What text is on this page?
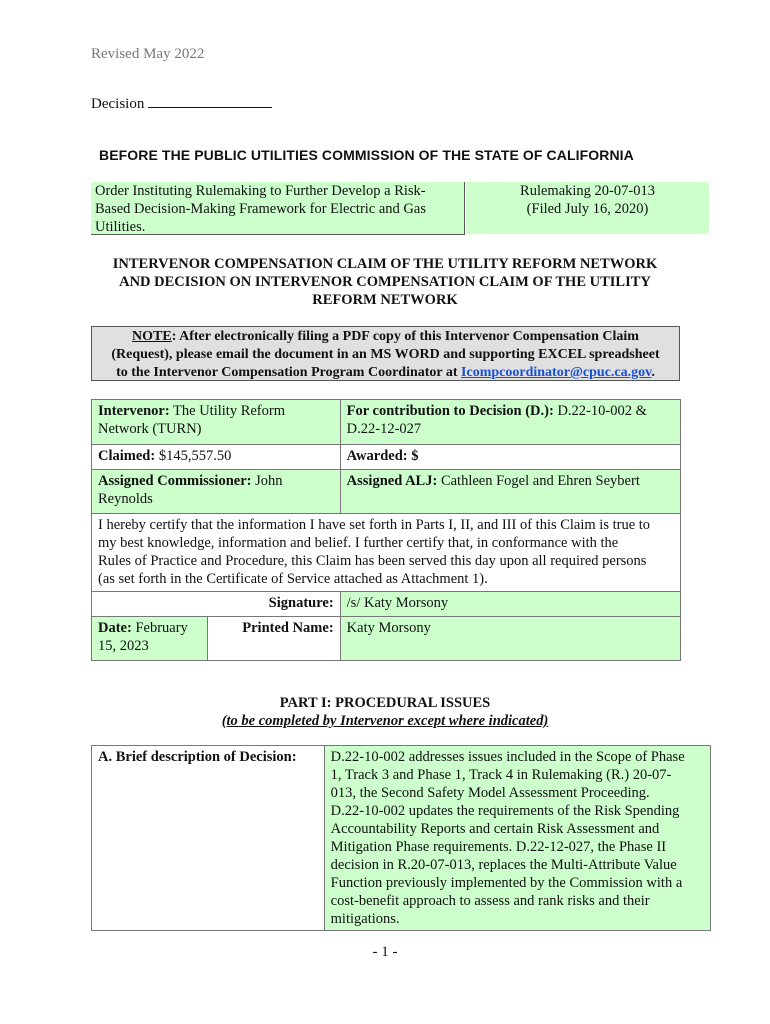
Revised May 2022
Decision
BEFORE THE PUBLIC UTILITIES COMMISSION OF THE STATE OF CALIFORNIA
Order Instituting Rulemaking to Further Develop a Risk-
Based Decision-Making Framework for Electric and Gas
Utilities.
Rulemaking 20-07-013
(Filed July 16, 2020)
INTERVENOR COMPENSATION CLAIM OF THE UTILITY REFORM NETWORK
AND DECISION ON INTERVENOR COMPENSATION CLAIM OF THE UTILITY
REFORM NETWORK
NOTE: After electronically filing a PDF copy of this Intervenor Compensation Claim
(Request), please email the document in an MS WORD and supporting EXCEL spreadsheet
to the Intervenor Compensation Program Coordinator at Icompcoordinator@cpuc.ca.gov.
Intervenor: The Utility Reform
Network (TURN)		For contribution to Decision (D.): D.22-10-002 &
D.22-12-027
Claimed: $145,557.50		Awarded: $
Assigned Commissioner: John
Reynolds		Assigned ALJ: Cathleen Fogel and Ehren Seybert

I hereby certify that the information I have set forth in Parts I, II, and III of this Claim is true to
my best knowledge, information and belief. I further certify that, in conformance with the
Rules of Practice and Procedure, this Claim has been served this day upon all required persons
(as set forth in the Certificate of Service attached as Attachment 1).		

Signature:		/s/ Katy Morsony
Date: February
15, 2023	Printed Name:	Katy Morsony
PART I: PROCEDURAL ISSUES
(to be completed by Intervenor except where indicated)
A. Brief description of Decision:	D.22-10-002 addresses issues included in the Scope of Phase
1, Track 3 and Phase 1, Track 4 in Rulemaking (R.) 20-07-
013, the Second Safety Model Assessment Proceeding.
D.22-10-002 updates the requirements of the Risk Spending
Accountability Reports and certain Risk Assessment and
Mitigation Phase requirements. D.22-12-027, the Phase II
decision in R.20-07-013, replaces the Multi-Attribute Value
Function previously implemented by the Commission with a
cost-benefit approach to assess and rank risks and their
mitigations.
- 1 -
